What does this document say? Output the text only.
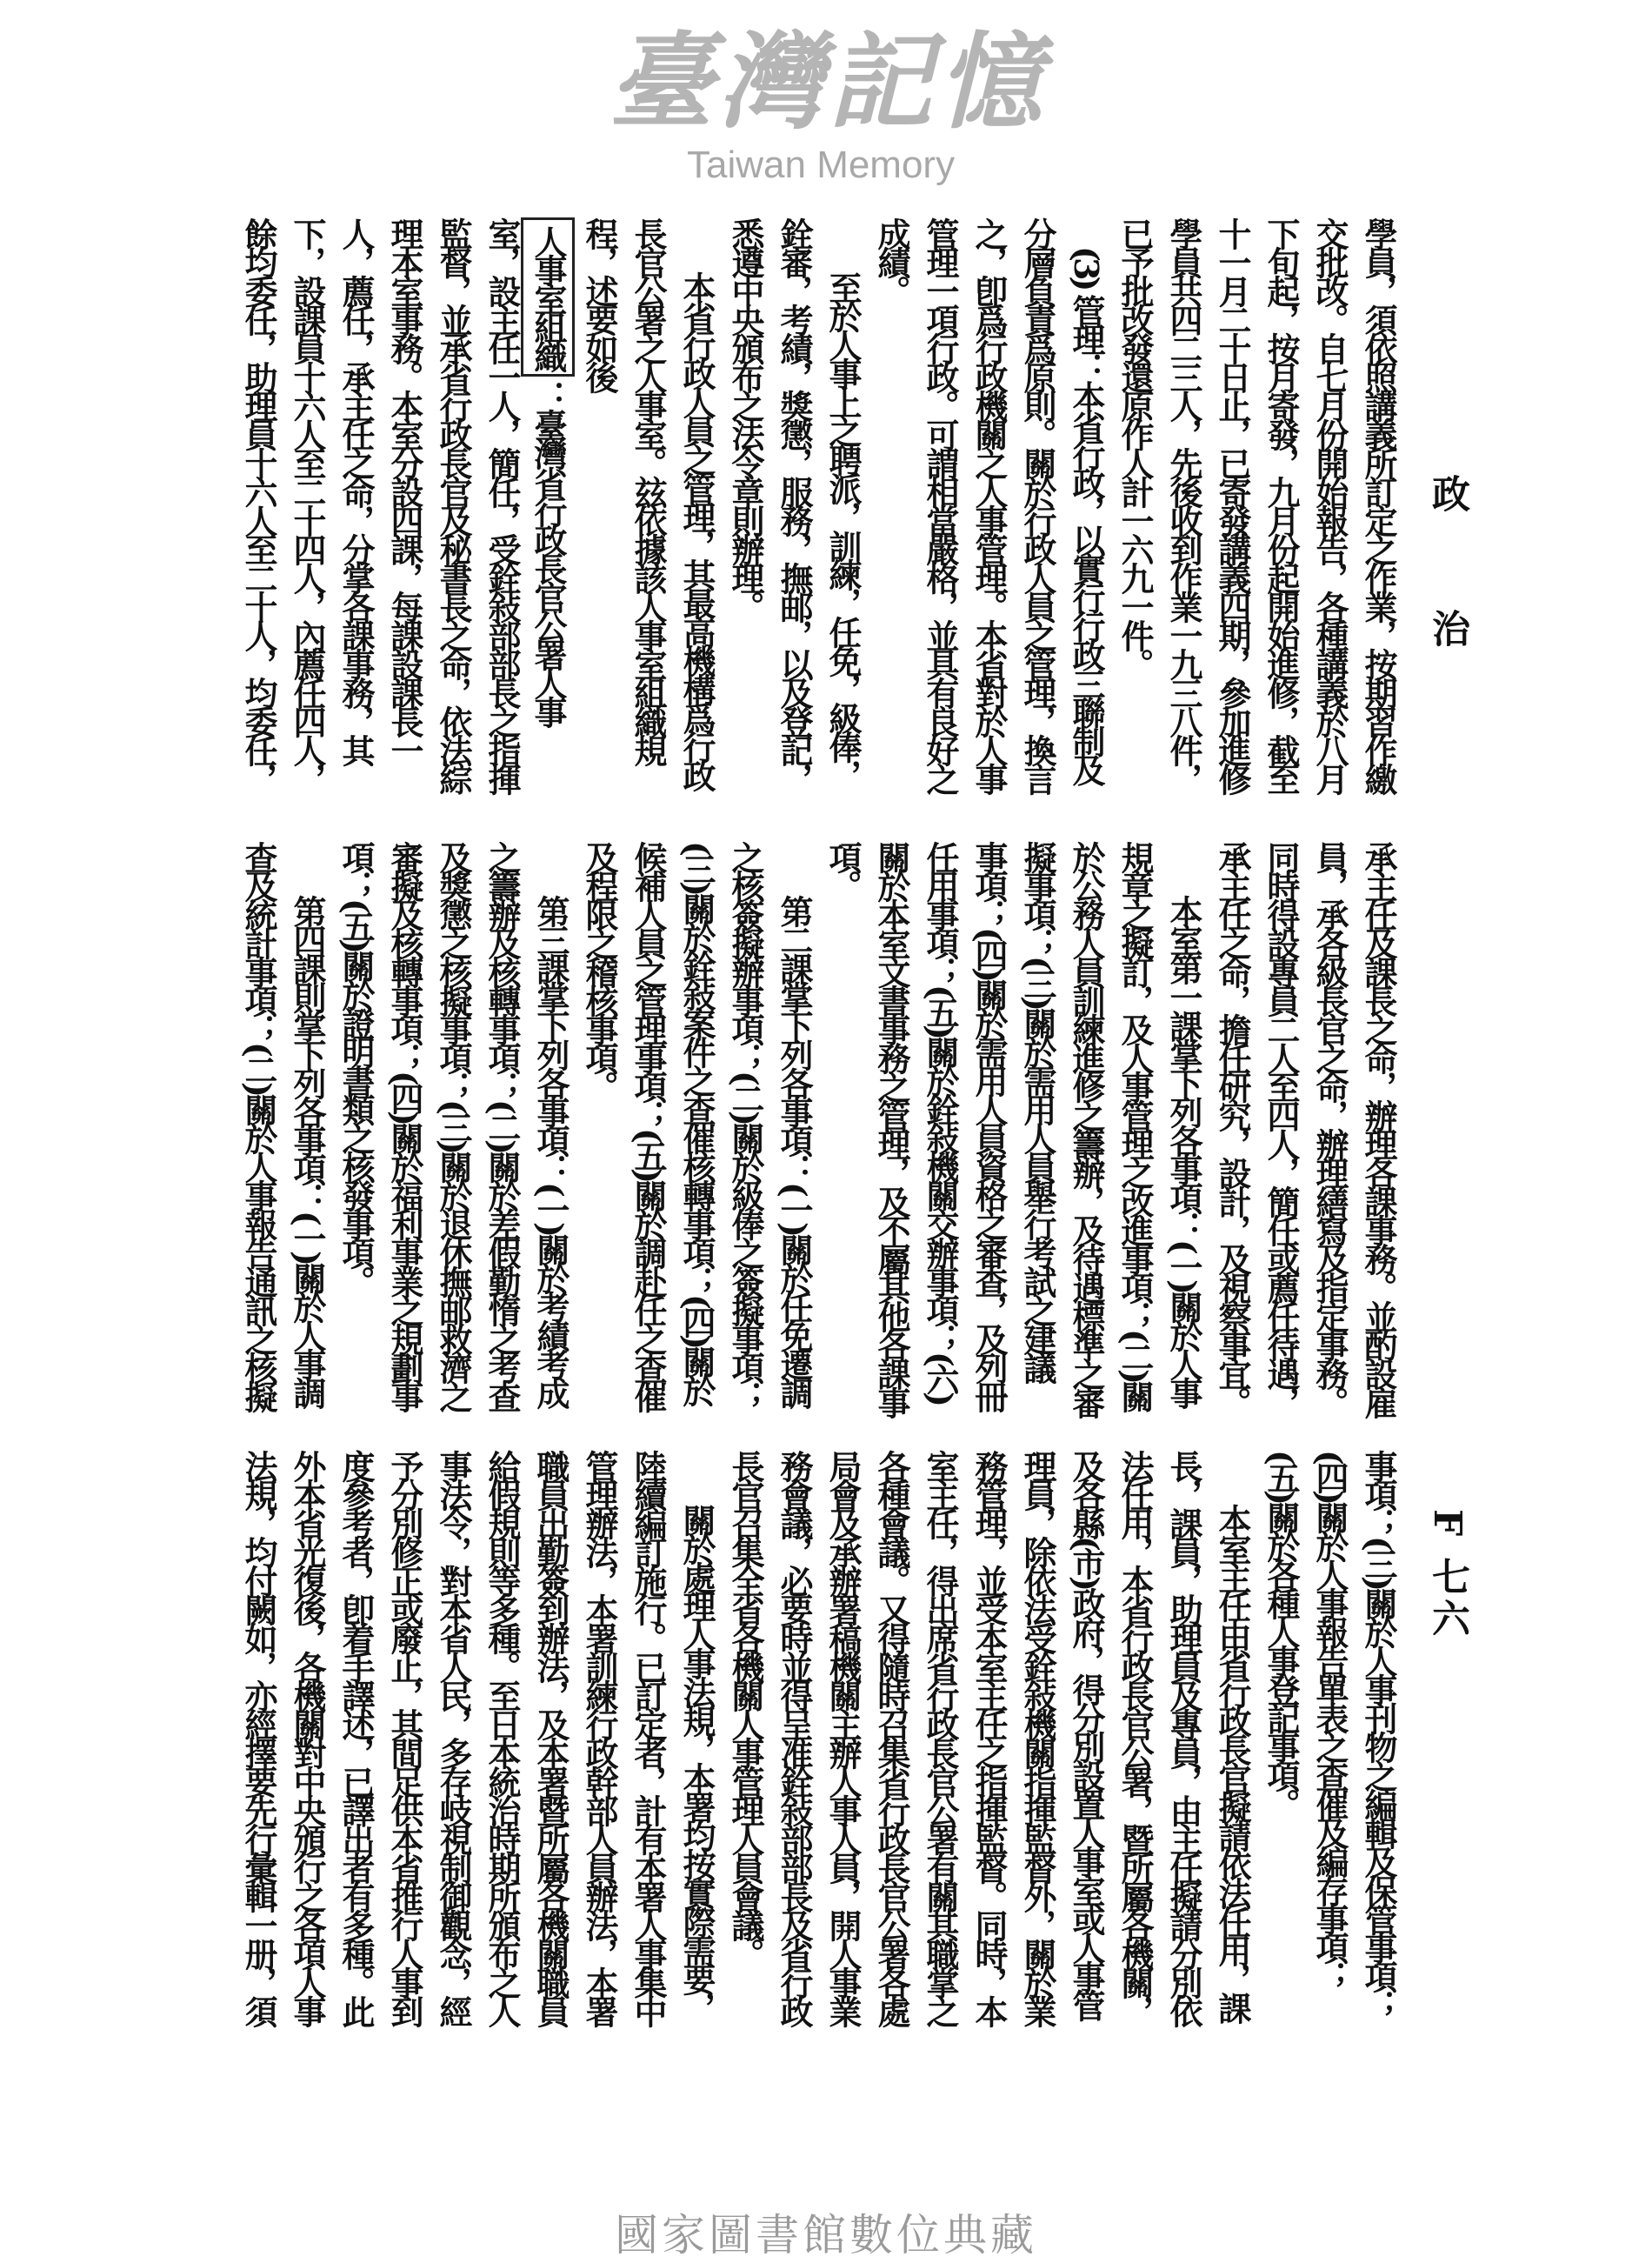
政
治
F 七六
學員，須依照講義所訂定之作業，按期習作繳
交批改。自七月份開始報告，各種講義於八月
下旬起，按月寄發，九月份起開始進修，截至
十一月二十日止，已寄發講義四期，參加進修
學員共四二三人，先後收到作業一九三八件，
已予批改發還原作人計一六九一件。
(3) 管理：本省行政，以實行行政三聯制及
分層負責爲原則。關於行政人員之管理，換言
之，卽爲行政機關之人事管理。本省對於人事
管理一項行政。可謂相當嚴格，並具有良好之
成績。
至於人事上之聘派，訓練，任免，級俸，
銓審，考績，獎懲，服務，撫邮，以及登記，
悉遵中央頒布之法令章則辦理。
本省行政人員之管理，其最高機構爲行政
長官公署之人事室。玆依據該人事室組織規
程，述要如後
人事室組織：臺灣省行政長官公署人事
室，設主任一人，簡任，受銓敍部部長之指揮
監督，並承省行政長官及秘書長之命，依法綜
理本室事務。本室分設四課，每課設課長一
人，薦任，承主任之命，分掌各課事務，其
下，設課員十六人至二十四人，內薦任四人，
餘均委任，助理員十六人至二十人，均委任，
承主任及課長之命，辦理各課事務。並酌設雇
員，承各級長官之命，辦理繕寫及指定事務。
同時得設專員二人至四人，簡任或薦任待遇，
承主任之命，擔任研究，設計，及視察事宜。
本室第一課掌下列各事項：(一)關於人事
規章之擬訂，及人事管理之改進事項；(二)關
於公務人員訓練進修之籌辦，及待遇標準之審
擬事項；(三)關於需用人員舉行考試之建議
事項；(四)關於需用人員資格之審查，及列冊
任用事項；(五)關於銓敍機關交辦事項；(六)
關於本室文書事務之管理，及不屬其他各課事
項。
第二課掌下列各事項：(一)關於任免遷調
之核簽擬辦事項；(二)關於級俸之簽擬事項；
(三)關於銓敍案件之查催核轉事項；(四)關於
候補人員之管理事項；(五)關於調赴任之查催
及程限之稽核事項。
第三課掌下列各事項：(一)關於考績考成
之籌辦及核轉事項；(二)關於差假勤惰之考查
及獎懲之核擬事項；(三)關於退休撫邮救濟之
審擬及核轉事項；(四)關於福利事業之規劃事
項；(五)關於證明書類之核發事項。
第四課則掌下列各事項：(一)關於人事調
查及統計事項；(二)關於人事報告通訊之核擬
事項；(三)關於人事刊物之編輯及保管事項；
(四)關於人事報告單表之查催及編存事項；
(五)關於各種人事登記事項。
本室主任由省行政長官擬請依法任用，課
長，課員，助理員及專員，由主任擬請分別依
法任用，本省行政長官公署，暨所屬各機關，
及各縣(市)政府，得分別設置人事室或人事管
理員，除依法受銓敍機關指揮監督外，關於業
務管理，並受本室主任之指揮監督。同時，本
室主任，得出席省行政長官公署有關其職掌之
各種會議。又得隨時召集省行政長官公署各處
局會及承辦署稿機關主辦人事人員，開人事業
務會議，必要時並得呈准銓敍部部長及省行政
長官召集全省各機關人事管理人員會議。
關於處理人事法規，本署均按實際需要，
陸續編訂施行。已訂定者，計有本署人事集中
管理辦法，本署訓練行政幹部人員辦法，本署
職員出勤簽到辦法，及本署暨所屬各機關職員
給假規則等多種。至日本統治時期所頒布之人
事法令，對本省人民，多存岐視制御觀念，經
予分別修正或廢止，其間足供本省推行人事到
度參考者，卽着手譯述，已譯出者有多種。此
外本省光復後，各機關對中央頒行之各項人事
法規，均付闕如，亦經擇要先行彙輯一册，須
臺灣記憶
Taiwan Memory
國家圖書館數位典藏
